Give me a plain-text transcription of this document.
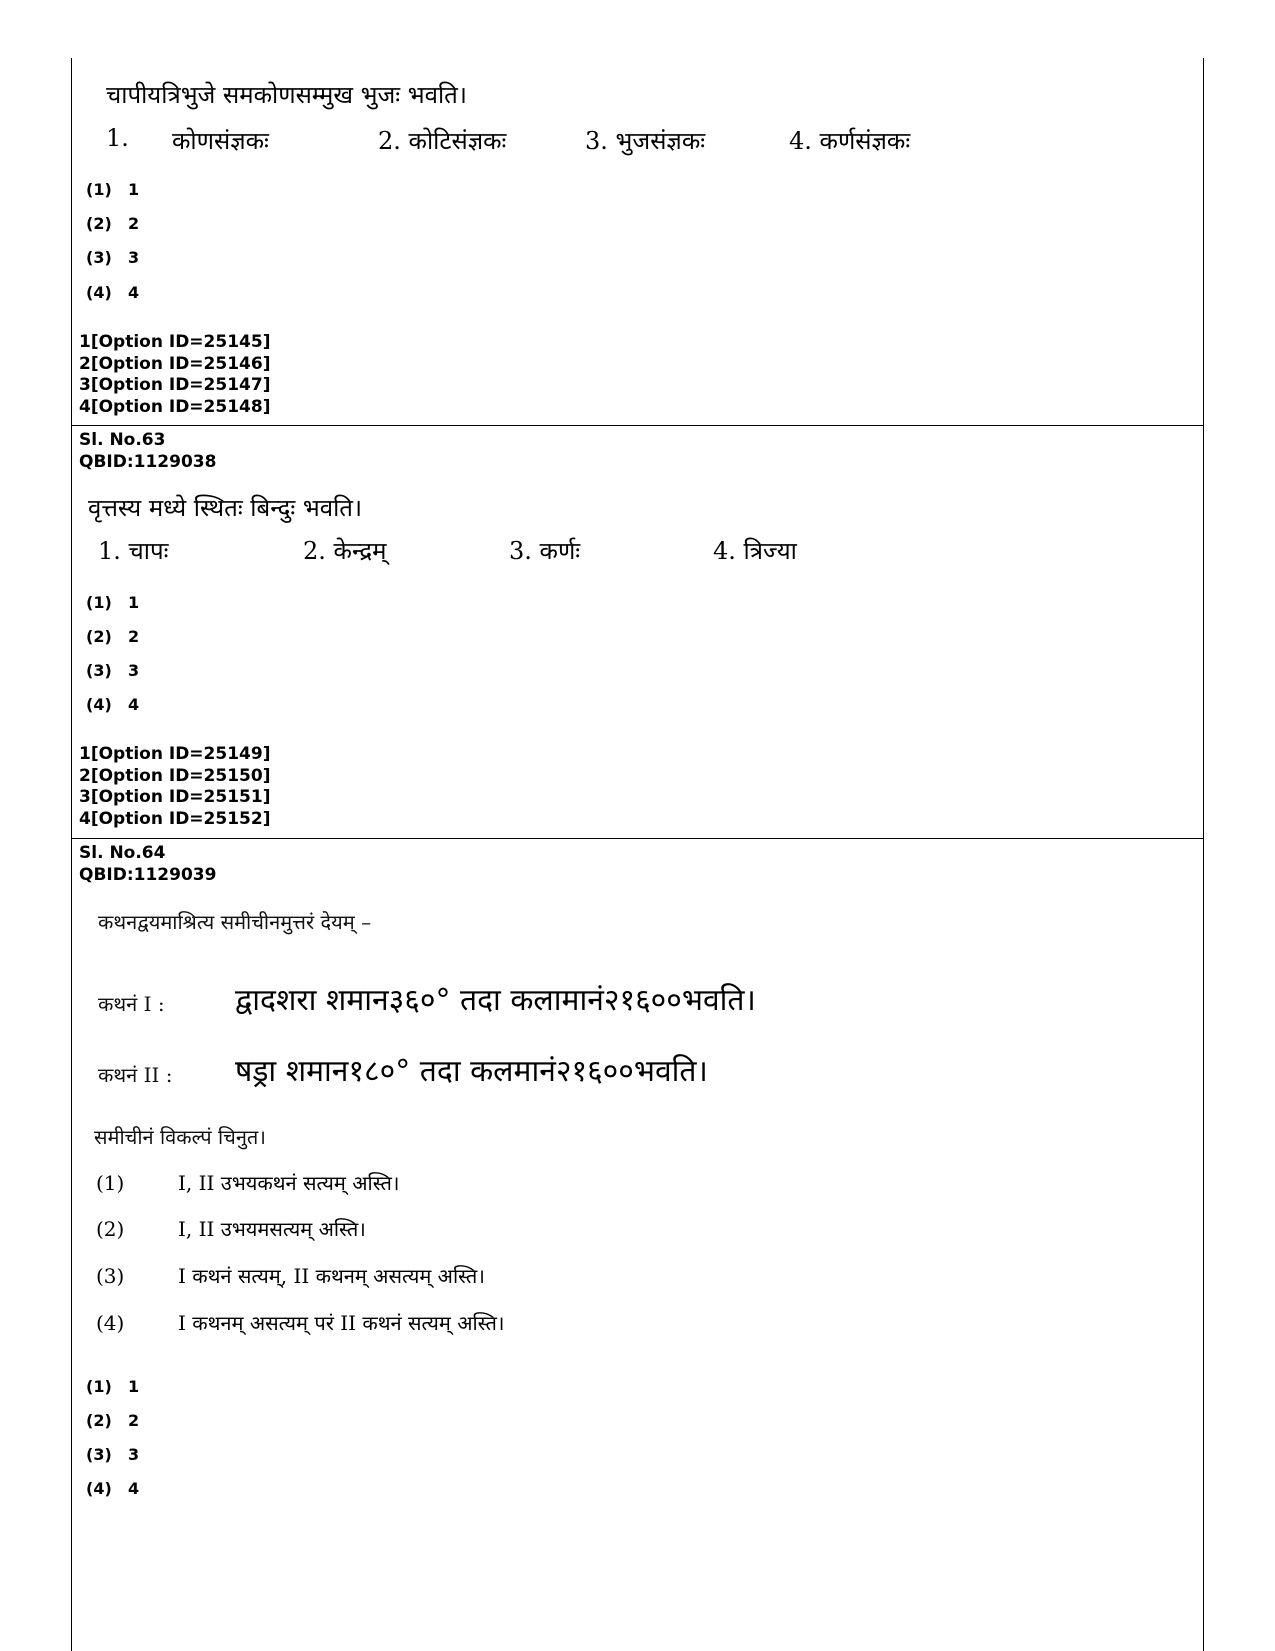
चापीयत्रिभुजे समकोणसम्मुख भुजः भवति।
1. कोणसंज्ञकः	2. कोटिसंज्ञकः	3. भुजसंज्ञकः	4. कर्णसंज्ञकः
(1) 1
(2) 2
(3) 3
(4) 4
1[Option ID=25145]
2[Option ID=25146]
3[Option ID=25147]
4[Option ID=25148]
Sl. No.63
QBID:1129038
वृत्तस्य मध्ये स्थितः बिन्दुः भवति।
1. चापः	2. केन्द्रम्	3. कर्णः	4. त्रिज्या
(1) 1
(2) 2
(3) 3
(4) 4
1[Option ID=25149]
2[Option ID=25150]
3[Option ID=25151]
4[Option ID=25152]
Sl. No.64
QBID:1129039
कथनद्वयमाश्रित्य समीचीनमुत्तरं देयम् –
कथनं I : द्वादशरा शमान३६०° तदा कलामानं२१६००भवति।
कथनं II : षड्रा शमान१८०° तदा कलमानं२१६००भवति।
समीचीनं विकल्पं चिनुत।
(1)	I, II उभयकथनं सत्यम् अस्ति।
(2)	I, II उभयमसत्यम् अस्ति।
(3)	I कथनं सत्यम्, II कथनम् असत्यम् अस्ति।
(4)	I कथनम् असत्यम् परं II कथनं सत्यम् अस्ति।
(1) 1
(2) 2
(3) 3
(4) 4
